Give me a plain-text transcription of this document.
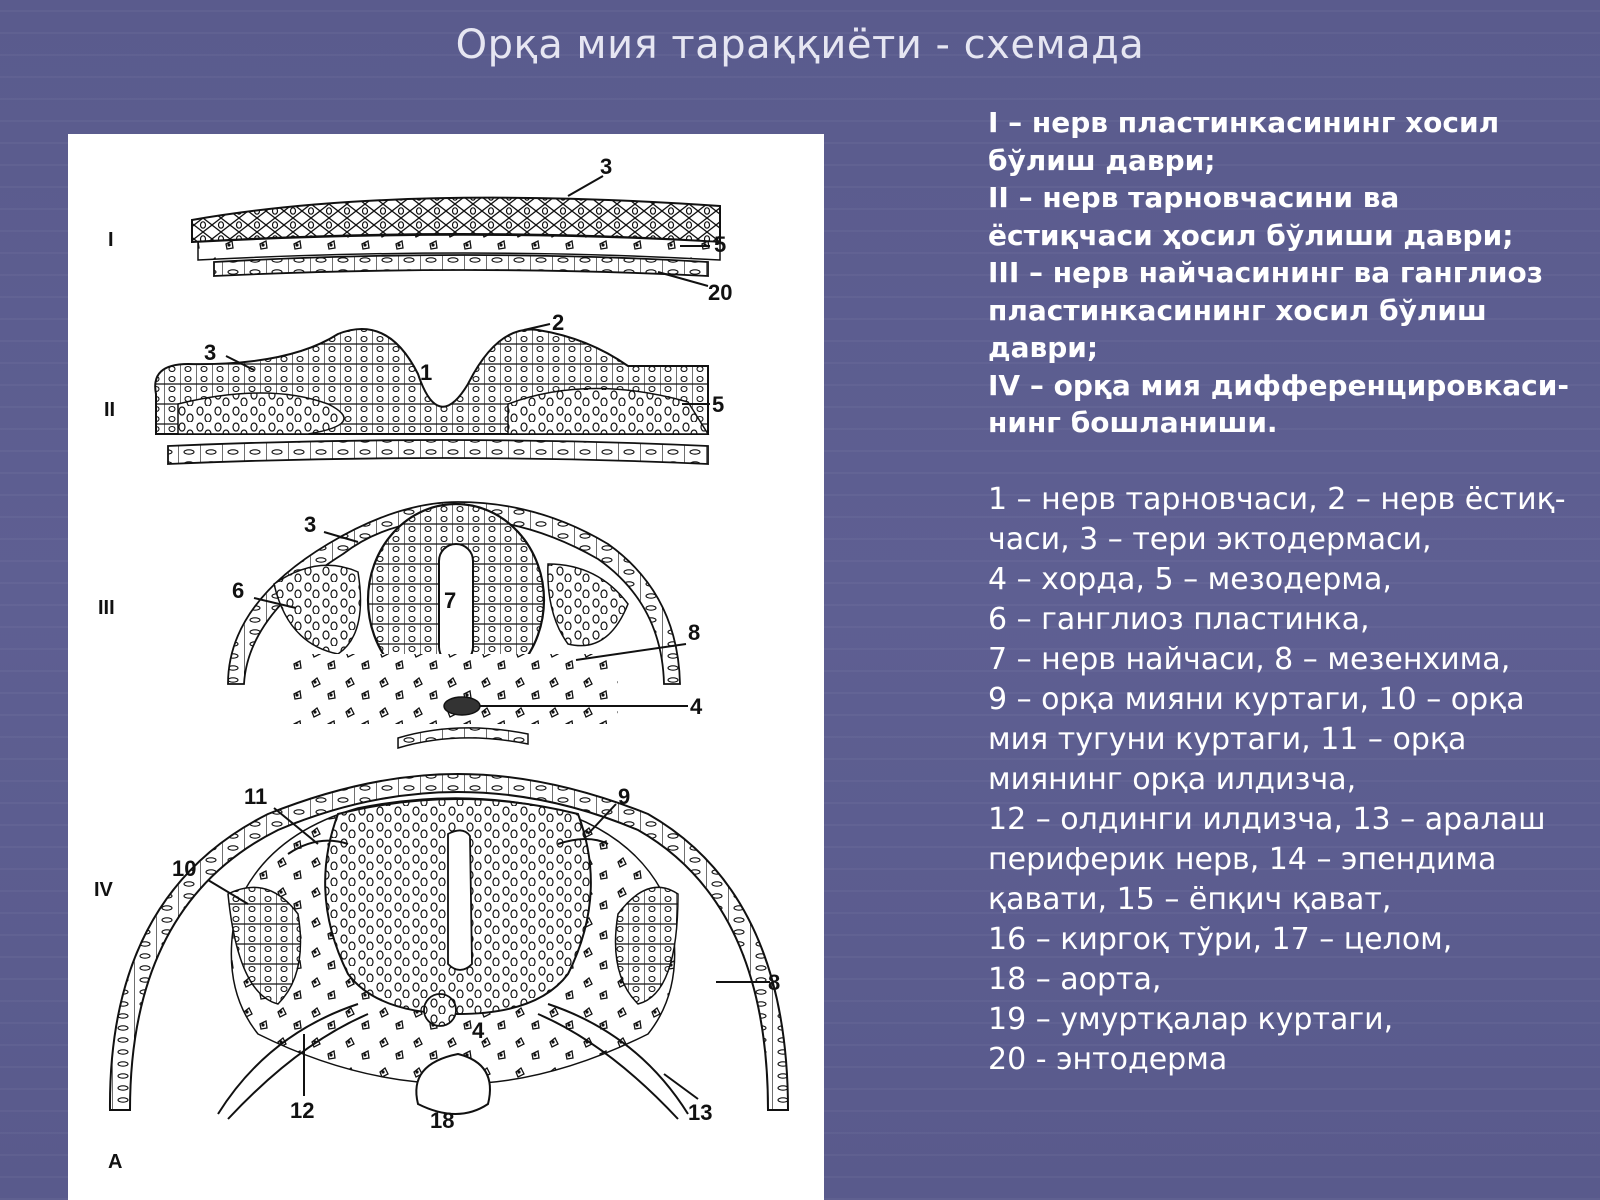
Орқа мия тараққиёти - схемада
I
II
III
IV
A
3
5
20
3
1
2
5
3
6	7
8
4
11	9
10
8
4
12	18	13
I – нерв пластинкасининг хосил
бўлиш даври;
II – нерв тарновчасини ва
ёстиқчаси ҳосил бўлиши даври;
III – нерв найчасининг ва ганглиоз
пластинкасининг хосил бўлиш
даври;
IV – орқа мия дифференцировкаси-
нинг бошланиши.
1 – нерв тарновчаси, 2 – нерв ёстиқ-
часи, 3 – тери эктодермаси,
4 – хорда, 5 – мезодерма,
6 – ганглиоз пластинка,
7 – нерв найчаси, 8 – мезенхима,
9 – орқа мияни куртаги, 10 – орқа
мия тугуни куртаги, 11 – орқа
миянинг орқа илдизча,
12 – олдинги илдизча, 13 – аралаш
периферик нерв, 14 – эпендима
қавати, 15 – ёпқич қават,
16 – киргоқ тўри, 17 – целом,
18 – аорта,
19 – умуртқалар куртаги,
20 - энтодерма
